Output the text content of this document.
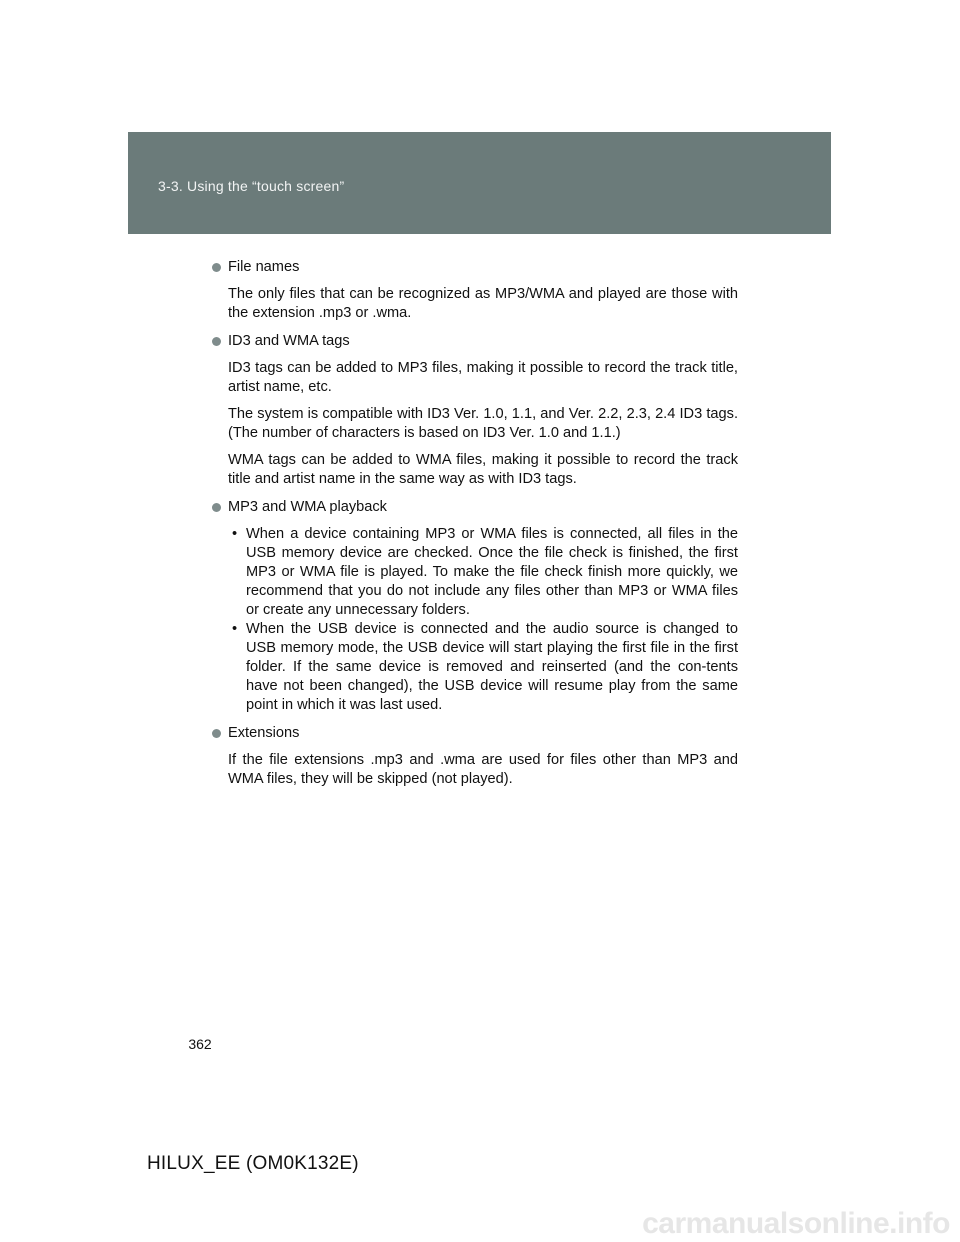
3-3. Using the “touch screen”
File names

The only files that can be recognized as MP3/WMA and played are those with the extension .mp3 or .wma.

ID3 and WMA tags

ID3 tags can be added to MP3 files, making it possible to record the track title, artist name, etc.

The system is compatible with ID3 Ver. 1.0, 1.1, and Ver. 2.2, 2.3, 2.4 ID3 tags. (The number of characters is based on ID3 Ver. 1.0 and 1.1.)

WMA tags can be added to WMA files, making it possible to record the track title and artist name in the same way as with ID3 tags.

MP3 and WMA playback
• When a device containing MP3 or WMA files is connected, all files in the USB memory device are checked. Once the file check is finished, the first MP3 or WMA file is played. To make the file check finish more quickly, we recommend that you do not include any files other than MP3 or WMA files or create any unnecessary folders.
• When the USB device is connected and the audio source is changed to USB memory mode, the USB device will start playing the first file in the first folder. If the same device is removed and reinserted (and the con-tents have not been changed), the USB device will resume play from the same point in which it was last used.
Extensions

If the file extensions .mp3 and .wma are used for files other than MP3 and WMA files, they will be skipped (not played).

362
HILUX_EE (OM0K132E)
carmanualsonline.info
